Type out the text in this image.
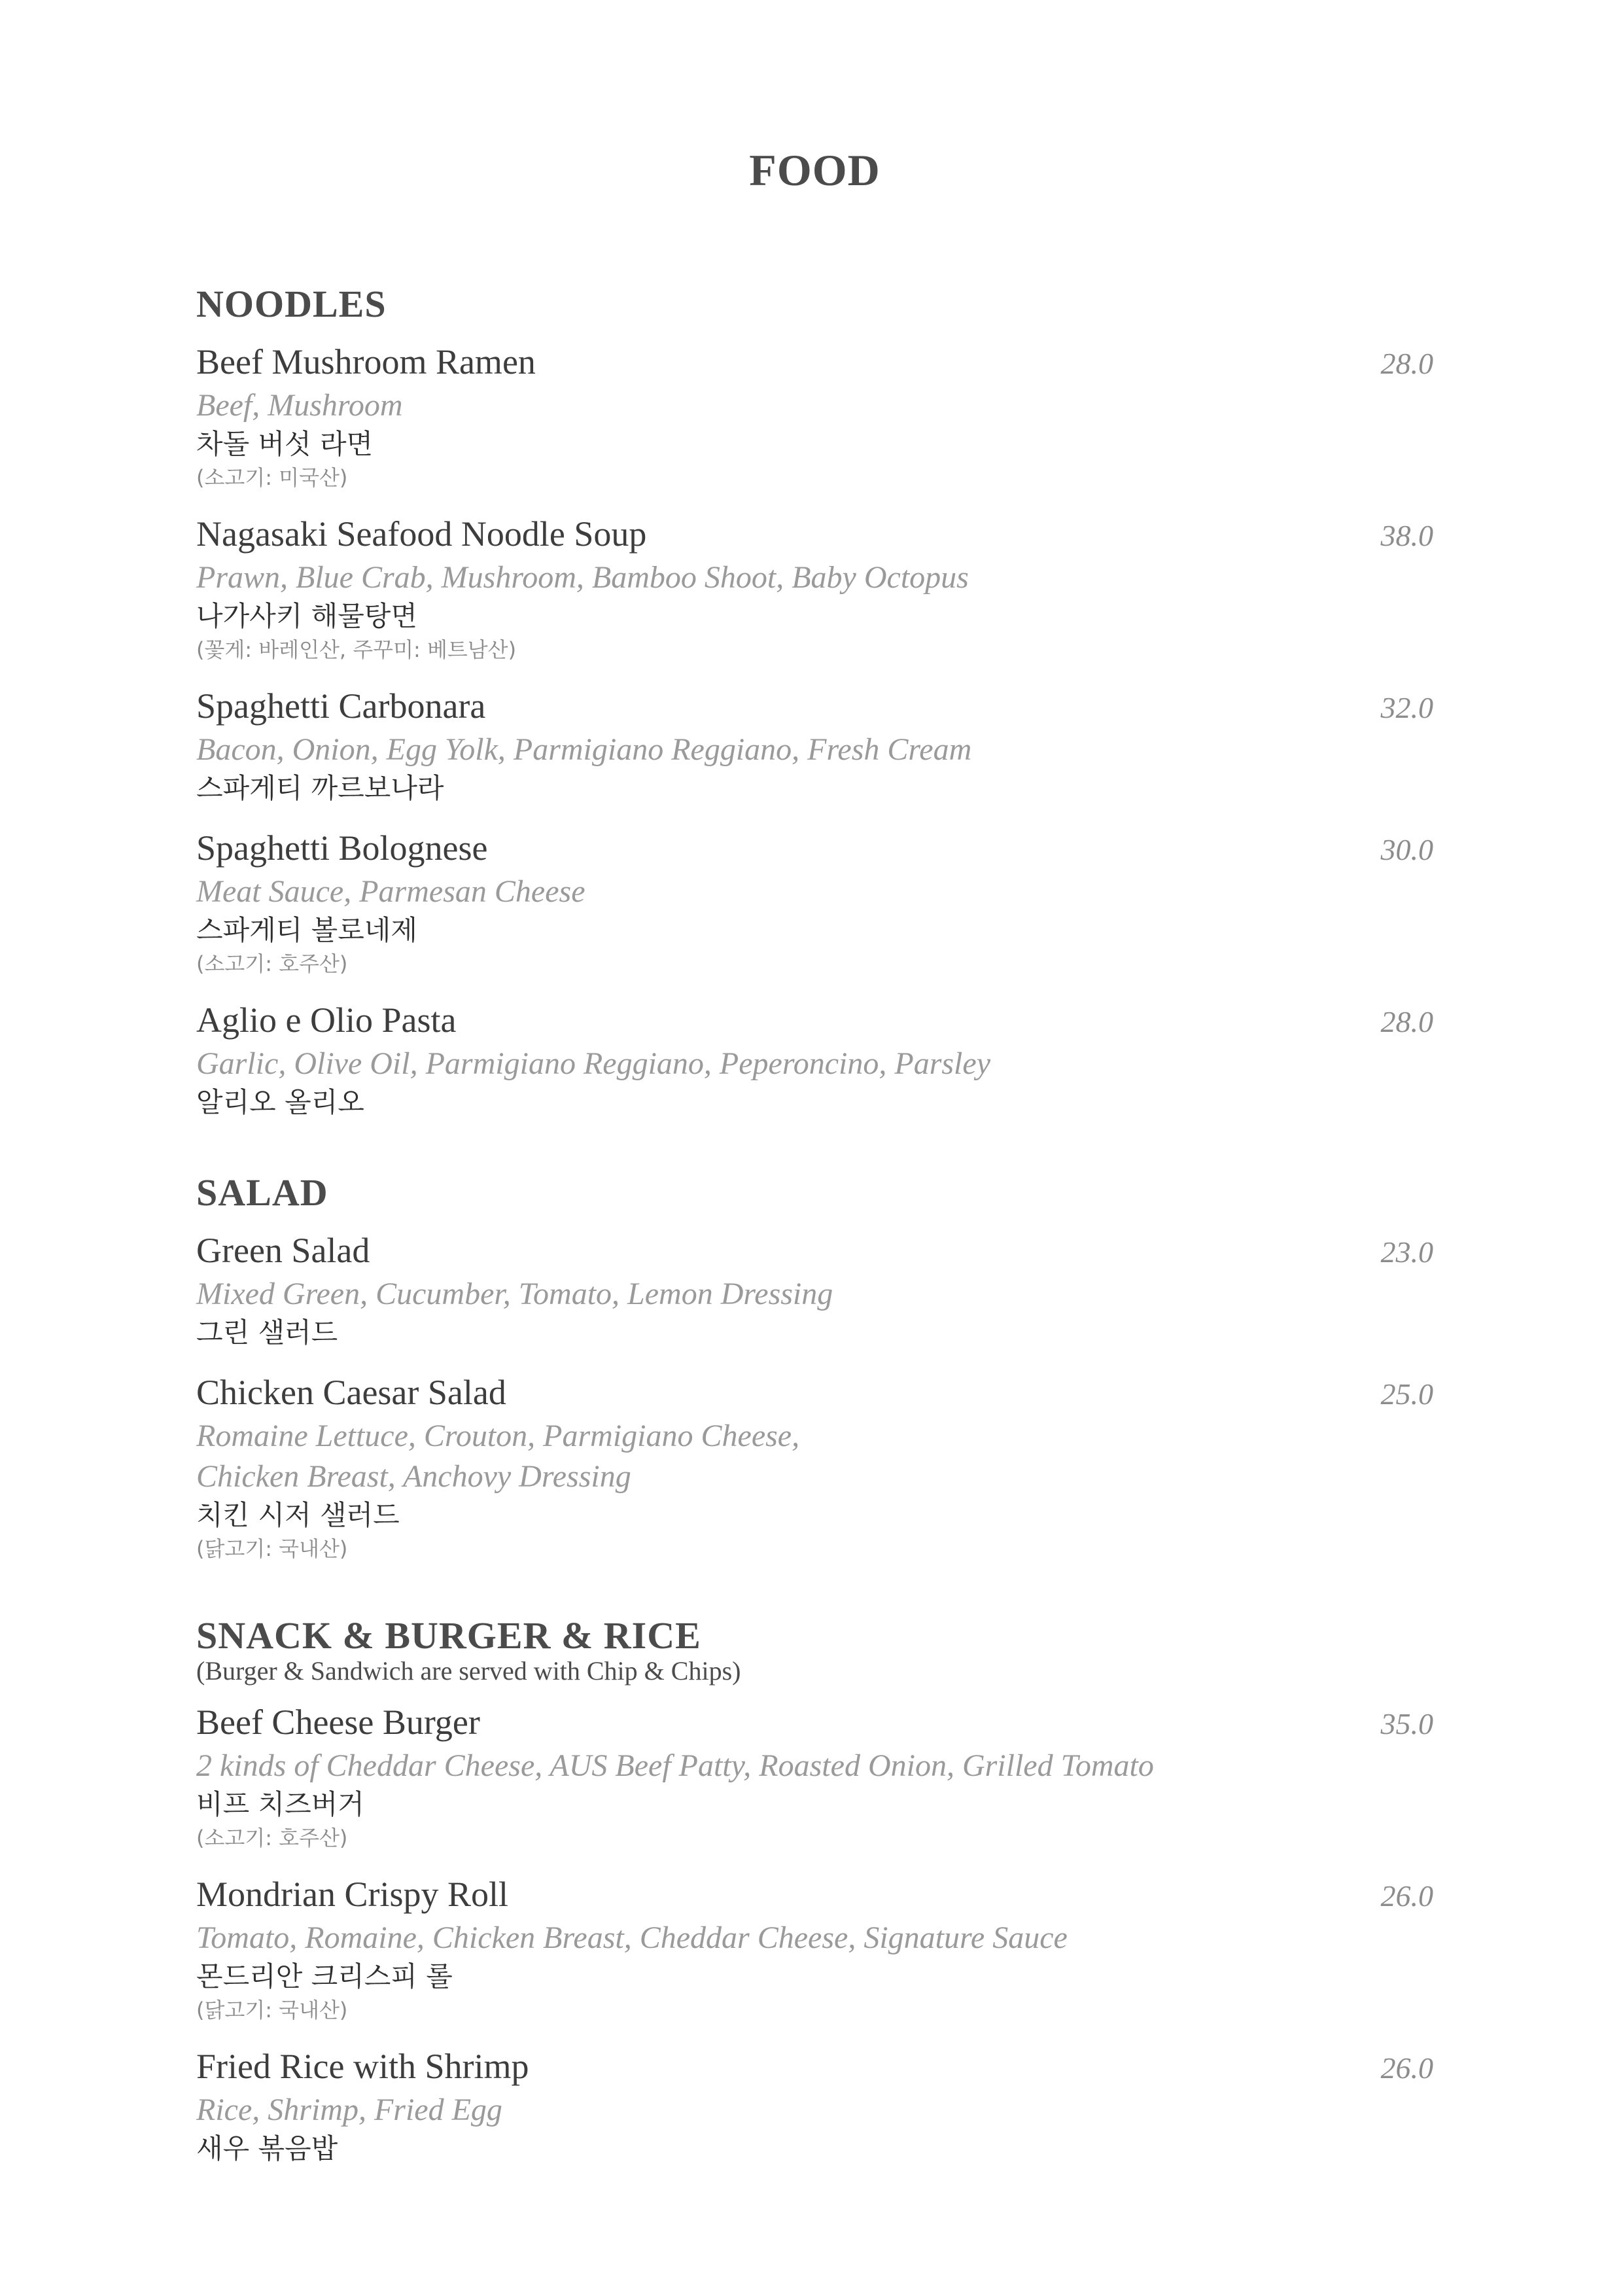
FOOD
NOODLES
Beef Mushroom Ramen	28.0
Beef, Mushroom
차돌 버섯 라면
(소고기: 미국산)
Nagasaki Seafood Noodle Soup	38.0
Prawn, Blue Crab, Mushroom, Bamboo Shoot, Baby Octopus
나가사키 해물탕면
(꽃게: 바레인산, 주꾸미: 베트남산)
Spaghetti Carbonara	32.0
Bacon, Onion, Egg Yolk, Parmigiano Reggiano, Fresh Cream
스파게티 까르보나라
Spaghetti Bolognese	30.0
Meat Sauce, Parmesan Cheese
스파게티 볼로네제
(소고기: 호주산)
Aglio e Olio Pasta	28.0
Garlic, Olive Oil, Parmigiano Reggiano, Peperoncino, Parsley
알리오 올리오
SALAD
Green Salad	23.0
Mixed Green, Cucumber, Tomato, Lemon Dressing
그린 샐러드
Chicken Caesar Salad	25.0
Romaine Lettuce, Crouton, Parmigiano Cheese,
Chicken Breast, Anchovy Dressing
치킨 시저 샐러드
(닭고기: 국내산)
SNACK & BURGER & RICE
(Burger & Sandwich are served with Chip & Chips)
Beef Cheese Burger	35.0
2 kinds of Cheddar Cheese, AUS Beef Patty, Roasted Onion, Grilled Tomato
비프 치즈버거
(소고기: 호주산)
Mondrian Crispy Roll	26.0
Tomato, Romaine, Chicken Breast, Cheddar Cheese, Signature Sauce
몬드리안 크리스피 롤
(닭고기: 국내산)
Fried Rice with Shrimp	26.0
Rice, Shrimp, Fried Egg
새우 볶음밥
